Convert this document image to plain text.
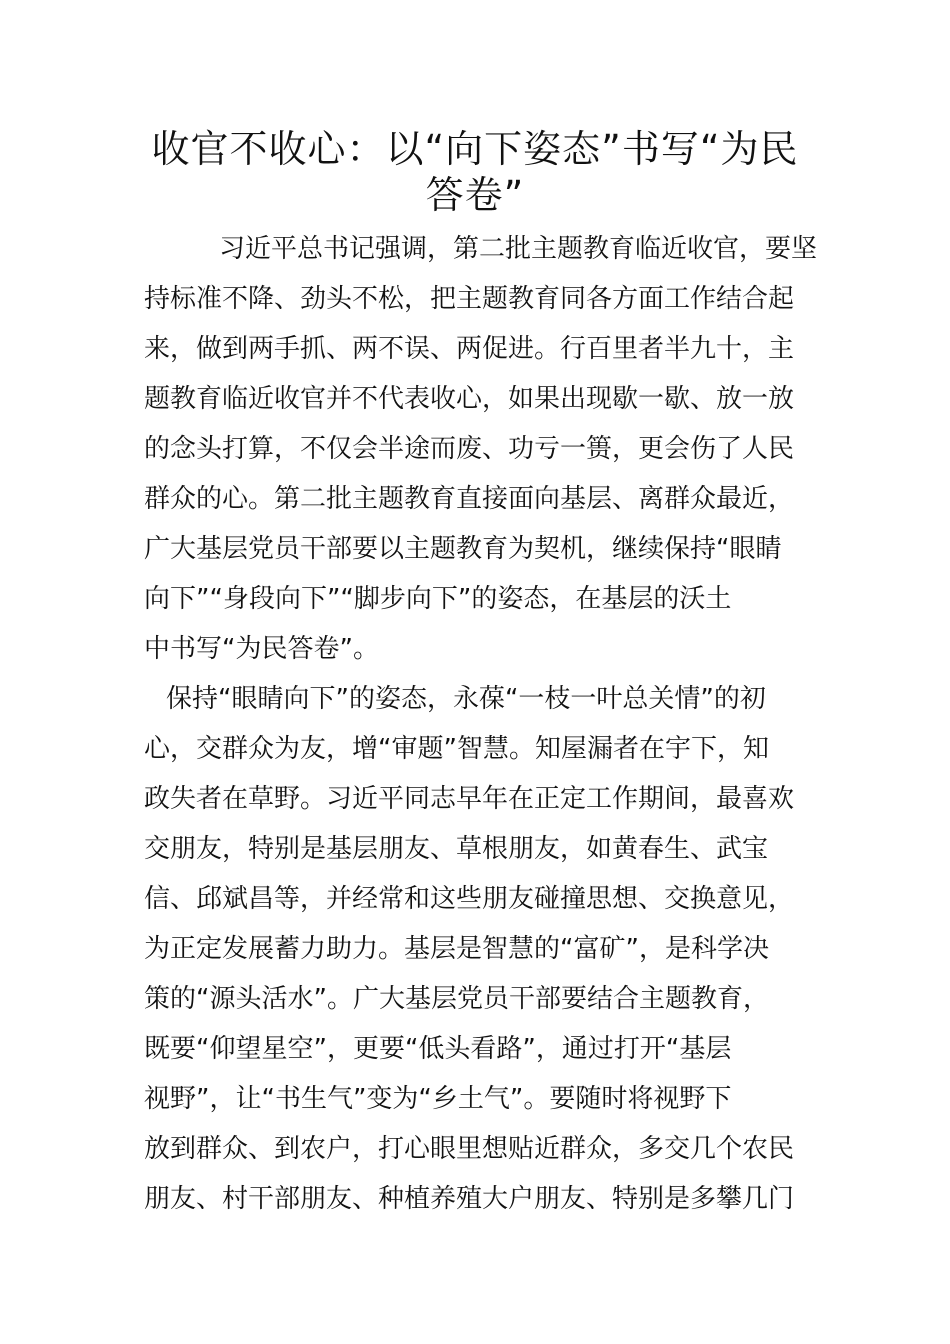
收官不收心：以“向下姿态”书写“为民
答卷”
习近平总书记强调，第二批主题教育临近收官，要坚
持标准不降、劲头不松，把主题教育同各方面工作结合起
来，做到两手抓、两不误、两促进。行百里者半九十，主
题教育临近收官并不代表收心，如果出现歇一歇、放一放
的念头打算，不仅会半途而废、功亏一篑，更会伤了人民
群众的心。第二批主题教育直接面向基层、离群众最近，
广大基层党员干部要以主题教育为契机，继续保持“眼睛
向下”“身段向下”“脚步向下”的姿态，在基层的沃土
中书写“为民答卷”。
保持“眼睛向下”的姿态，永葆“一枝一叶总关情”的初
心，交群众为友，增“审题”智慧。知屋漏者在宇下，知
政失者在草野。习近平同志早年在正定工作期间，最喜欢
交朋友，特别是基层朋友、草根朋友，如黄春生、武宝
信、邱斌昌等，并经常和这些朋友碰撞思想、交换意见，
为正定发展蓄力助力。基层是智慧的“富矿”，是科学决
策的“源头活水”。广大基层党员干部要结合主题教育，
既要“仰望星空”，更要“低头看路”，通过打开“基层
视野”，让“书生气”变为“乡土气”。要随时将视野下
放到群众、到农户，打心眼里想贴近群众，多交几个农民
朋友、村干部朋友、种植养殖大户朋友、特别是多攀几门
